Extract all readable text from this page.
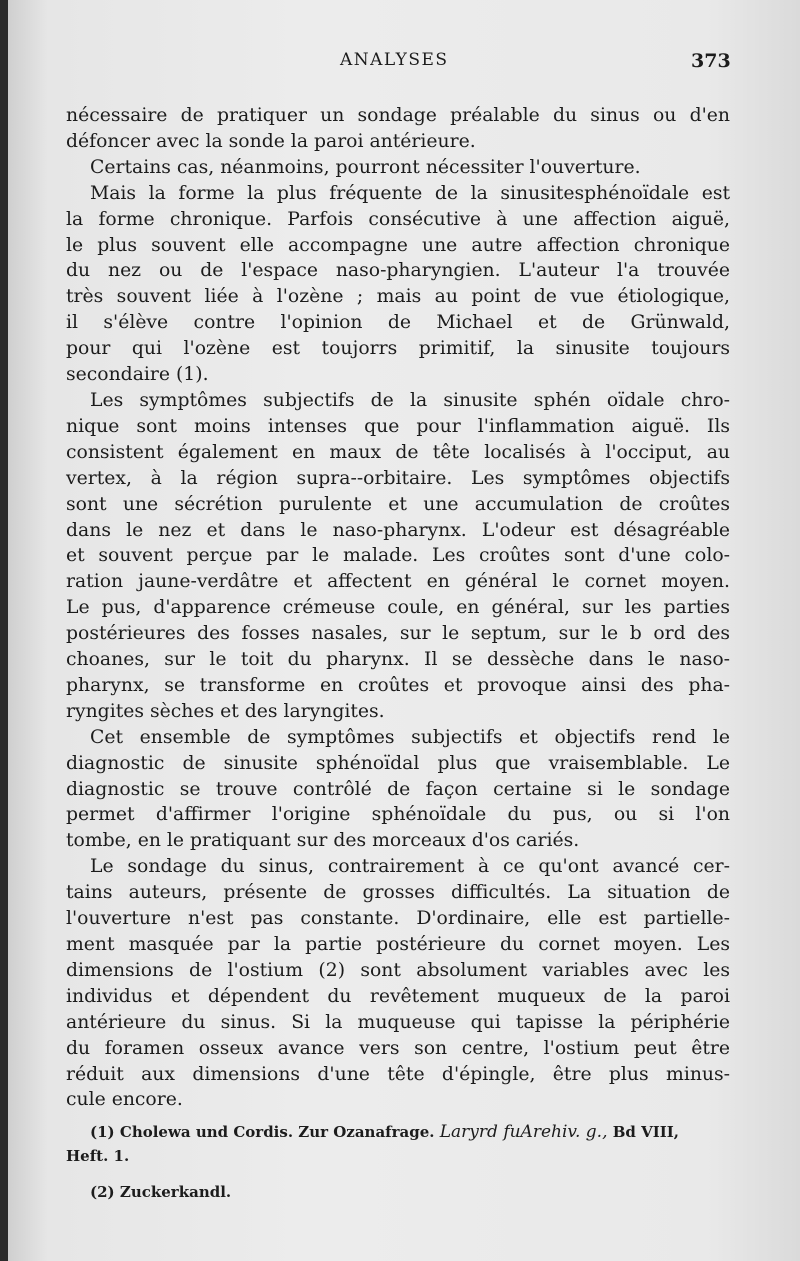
ANALYSES	373
nécessaire de pratiquer un sondage préalable du sinus ou d'en
défoncer avec la sonde la paroi antérieure.
Certains cas, néanmoins, pourront nécessiter l'ouverture.
Mais la forme la plus fréquente de la sinusitesphénoïdale est
la forme chronique. Parfois consécutive à une affection aiguë,
le plus souvent elle accompagne une autre affection chronique
du nez ou de l'espace naso-pharyngien. L'auteur l'a trouvée
très souvent liée à l'ozène ; mais au point de vue étiologique,
il s'élève contre l'opinion de Michael et de Grünwald,
pour qui l'ozène est toujorrs primitif, la sinusite toujours
secondaire (1).
Les symptômes subjectifs de la sinusite sphén oïdale chro-
nique sont moins intenses que pour l'inflammation aiguë. Ils
consistent également en maux de tête localisés à l'occiput, au
vertex, à la région supra--orbitaire. Les symptômes objectifs
sont une sécrétion purulente et une accumulation de croûtes
dans le nez et dans le naso-pharynx. L'odeur est désagréable
et souvent perçue par le malade. Les croûtes sont d'une colo-
ration jaune-verdâtre et affectent en général le cornet moyen.
Le pus, d'apparence crémeuse coule, en général, sur les parties
postérieures des fosses nasales, sur le septum, sur le b ord des
choanes, sur le toit du pharynx. Il se dessèche dans le naso-
pharynx, se transforme en croûtes et provoque ainsi des pha-
ryngites sèches et des laryngites.
Cet ensemble de symptômes subjectifs et objectifs rend le
diagnostic de sinusite sphénoïdal plus que vraisemblable. Le
diagnostic se trouve contrôlé de façon certaine si le sondage
permet d'affirmer l'origine sphénoïdale du pus, ou si l'on
tombe, en le pratiquant sur des morceaux d'os cariés.
Le sondage du sinus, contrairement à ce qu'ont avancé cer-
tains auteurs, présente de grosses difficultés. La situation de
l'ouverture n'est pas constante. D'ordinaire, elle est partielle-
ment masquée par la partie postérieure du cornet moyen. Les
dimensions de l'ostium (2) sont absolument variables avec les
individus et dépendent du revêtement muqueux de la paroi
antérieure du sinus. Si la muqueuse qui tapisse la périphérie
du foramen osseux avance vers son centre, l'ostium peut être
réduit aux dimensions d'une tête d'épingle, être plus minus-
cule encore.
(1) Cholewa und Cordis. Zur Ozanafrage. Laryrd fuArehiv. g., Bd VIII,
Heft. 1.
(2) Zuckerkandl.
